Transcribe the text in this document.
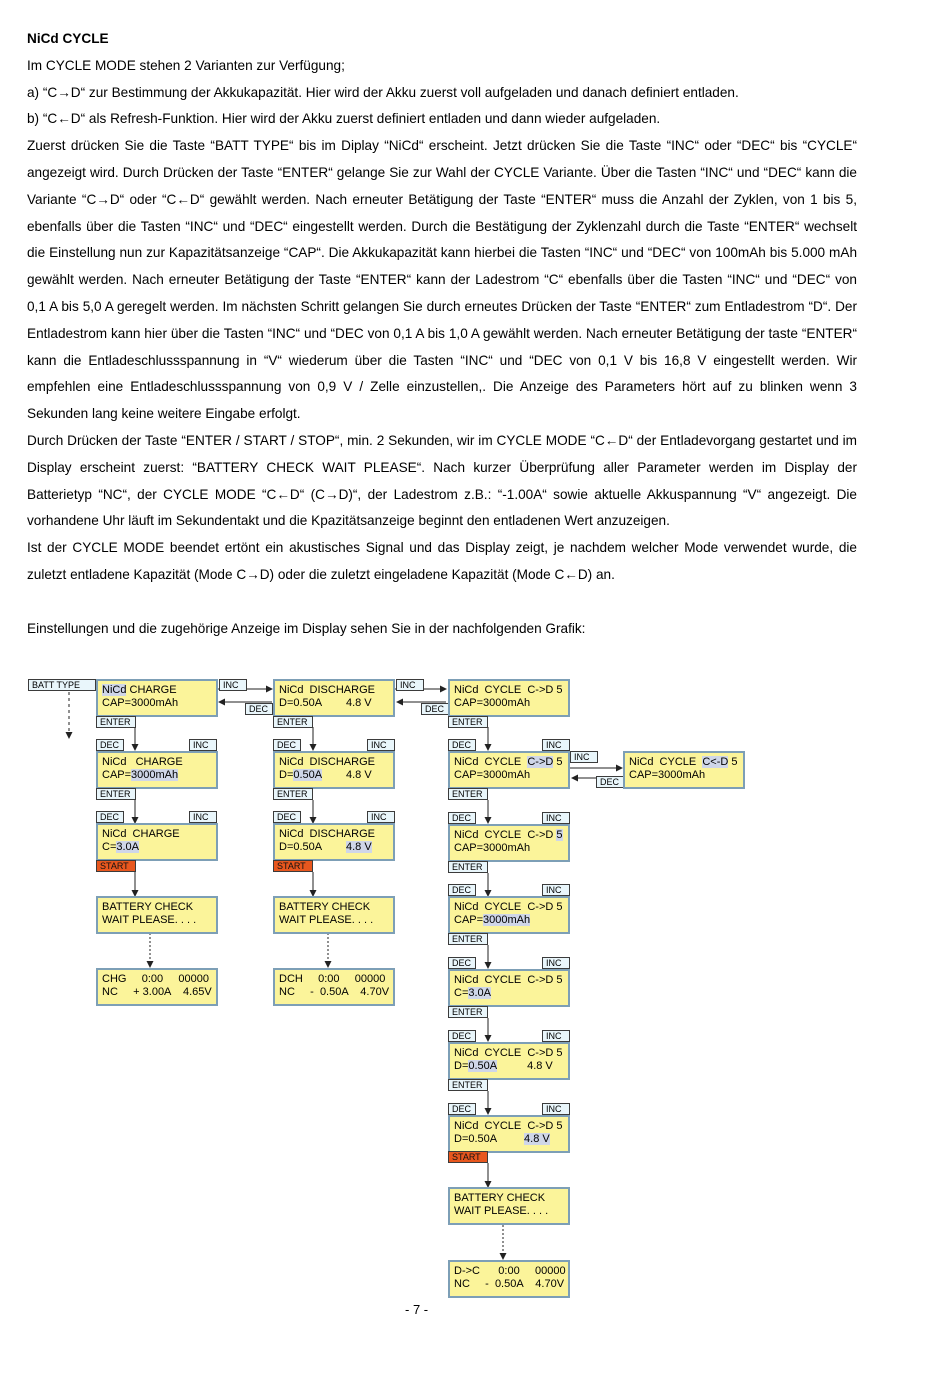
NiCd CYCLE

Im CYCLE MODE stehen 2 Varianten zur Verfügung;

a) “C→D“ zur Bestimmung der Akkukapazität. Hier wird der Akku zuerst voll aufgeladen und danach definiert entladen.

b) “C←D“ als Refresh-Funktion. Hier wird der Akku zuerst definiert entladen und dann wieder aufgeladen.

Zuerst drücken Sie die Taste “BATT TYPE“ bis im Diplay “NiCd“ erscheint. Jetzt drücken Sie die Taste “INC“ oder “DEC“ bis “CYCLE“ angezeigt wird. Durch Drücken der Taste “ENTER“ gelange Sie zur Wahl der CYCLE Variante. Über die Tasten “INC“ und “DEC“ kann die Variante “C→D“ oder “C←D“ gewählt werden. Nach erneuter Betätigung der Taste “ENTER“ muss die Anzahl der Zyklen, von 1 bis 5, ebenfalls über die Tasten “INC“ und “DEC“ eingestellt werden. Durch die Bestätigung der Zyklenzahl durch die Taste “ENTER“ wechselt die Einstellung nun zur Kapazitätsanzeige “CAP“. Die Akkukapazität kann hierbei die Tasten “INC“ und “DEC“ von 100mAh bis 5.000 mAh gewählt werden. Nach erneuter Betätigung der Taste “ENTER“ kann der Ladestrom “C“ ebenfalls über die Tasten “INC“ und “DEC“ von 0,1 A bis 5,0 A geregelt werden. Im nächsten Schritt gelangen Sie durch erneutes Drücken der Taste “ENTER“ zum Entladestrom “D“. Der Entladestrom kann hier über die Tasten “INC“ und “DEC von 0,1 A bis 1,0 A gewählt werden. Nach erneuter Betätigung der taste “ENTER“ kann die Entladeschlussspannung in “V“ wiederum über die Tasten “INC“ und “DEC von 0,1 V bis 16,8 V eingestellt werden. Wir empfehlen eine Entladeschlussspannung von 0,9 V / Zelle einzustellen,. Die Anzeige des Parameters hört auf zu blinken wenn 3 Sekunden lang keine weitere Eingabe erfolgt.

Durch Drücken der Taste “ENTER / START / STOP“, min. 2 Sekunden, wir im CYCLE MODE “C←D“ der Entladevorgang gestartet und im Display erscheint zuerst: “BATTERY CHECK WAIT PLEASE“. Nach kurzer Überprüfung aller Parameter werden im Display der Batterietyp “NC“, der CYCLE MODE “C←D“ (C→D)“, der Ladestrom z.B.: “-1.00A“ sowie aktuelle Akkuspannung “V“ angezeigt. Die vorhandene Uhr läuft im Sekundentakt und die Kpazitätsanzeige beginnt den entladenen Wert anzuzeigen.

Ist der CYCLE MODE beendet ertönt ein akustisches Signal und das Display zeigt, je nachdem welcher Mode verwendet wurde, die zuletzt entladene Kapazität (Mode C→D) oder die zuletzt eingeladene Kapazität (Mode C←D) an.

Einstellungen und die zugehörige Anzeige im Display sehen Sie in der nachfolgenden Grafik:

BATT TYPE	NiCd CHARGE
CAP=3000mAh
ENTER
DEC	INC
NiCd   CHARGE
CAP=3000mAh
ENTER
DEC	INC
NiCd  CHARGE
C=3.0A
START
BATTERY CHECK
WAIT PLEASE. . . .
CHG     0:00     00000
NC     + 3.00A    4.65V
INC
DEC
NiCd  DISCHARGE
D=0.50A        4.8 V
ENTER
DEC	INC
NiCd  DISCHARGE
D=0.50A        4.8 V
ENTER
DEC	INC
NiCd  DISCHARGE
D=0.50A        4.8 V
START
BATTERY CHECK
WAIT PLEASE. . . .
DCH     0:00     00000
NC     -  0.50A    4.70V
INC
DEC
NiCd  CYCLE  C->D 5
CAP=3000mAh
ENTER
DEC	INC
NiCd  CYCLE  C->D 5
CAP=3000mAh
ENTER
INC
DEC
NiCd  CYCLE  C<-D 5
CAP=3000mAh
DEC	INC
NiCd  CYCLE  C->D 5
CAP=3000mAh
ENTER
DEC	INC
NiCd  CYCLE  C->D 5
CAP=3000mAh
ENTER
DEC	INC
NiCd  CYCLE  C->D 5
C=3.0A
ENTER
DEC	INC
NiCd  CYCLE  C->D 5
D=0.50A          4.8 V
ENTER
DEC	INC
NiCd  CYCLE  C->D 5
D=0.50A         4.8 V
START
BATTERY CHECK
WAIT PLEASE. . . .
D->C      0:00     00000
NC     -  0.50A    4.70V
- 7 -
